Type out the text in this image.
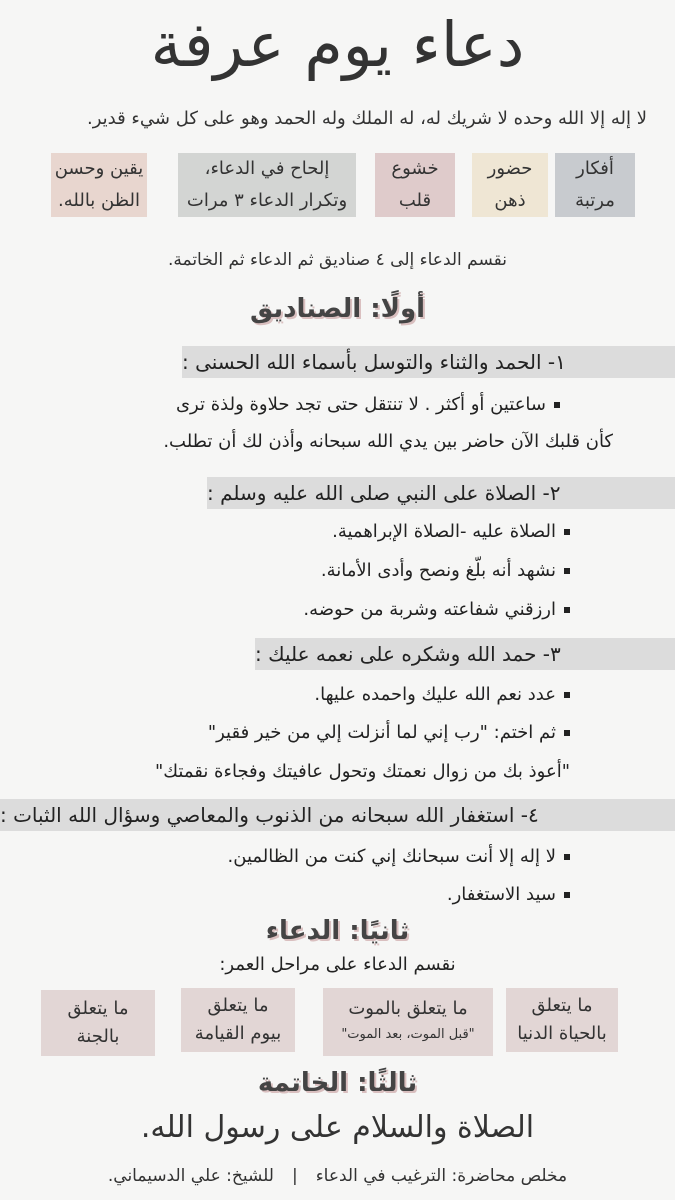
دعاء يوم عرفة
لا إله إلا الله وحده لا شريك له، له الملك وله الحمد وهو على كل شيء قدير.
أفكار
مرتبة
حضور
ذهن
خشوع
قلب
إلحاح في الدعاء،
وتكرار الدعاء ٣ مرات
يقين وحسن
الظن بالله.
نقسم الدعاء إلى ٤ صناديق ثم الدعاء ثم الخاتمة.
أولًا: الصناديق
١- الحمد والثناء والتوسل بأسماء الله الحسنى :
ساعتين أو أكثر . لا تنتقل حتى تجد حلاوة ولذة ترى
كأن قلبك الآن حاضر بين يدي الله سبحانه وأذن لك أن تطلب.
٢- الصلاة على النبي صلى الله عليه وسلم :
الصلاة عليه -الصلاة الإبراهمية.
نشهد أنه بلّغ ونصح وأدى الأمانة.
ارزقني شفاعته وشربة من حوضه.
٣- حمد الله وشكره على نعمه عليك :
عدد نعم الله عليك واحمده عليها.
ثم اختم: "رب إني لما أنزلت إلي من خير فقير"
"أعوذ بك من زوال نعمتك وتحول عافيتك وفجاءة نقمتك"
٤- استغفار الله سبحانه من الذنوب والمعاصي وسؤال الله الثبات :
لا إله إلا أنت سبحانك إني كنت من الظالمين.
سيد الاستغفار.
ثانيًا: الدعاء
نقسم الدعاء على مراحل العمر:
ما يتعلق
بالحياة الدنيا
ما يتعلق بالموت
"قبل الموت، بعد الموت"
ما يتعلق
بيوم القيامة
ما يتعلق
بالجنة
ثالثًا: الخاتمة
الصلاة والسلام على رسول الله.
مخلص محاضرة: الترغيب في الدعاء
|
للشيخ: علي الدسيماني.
